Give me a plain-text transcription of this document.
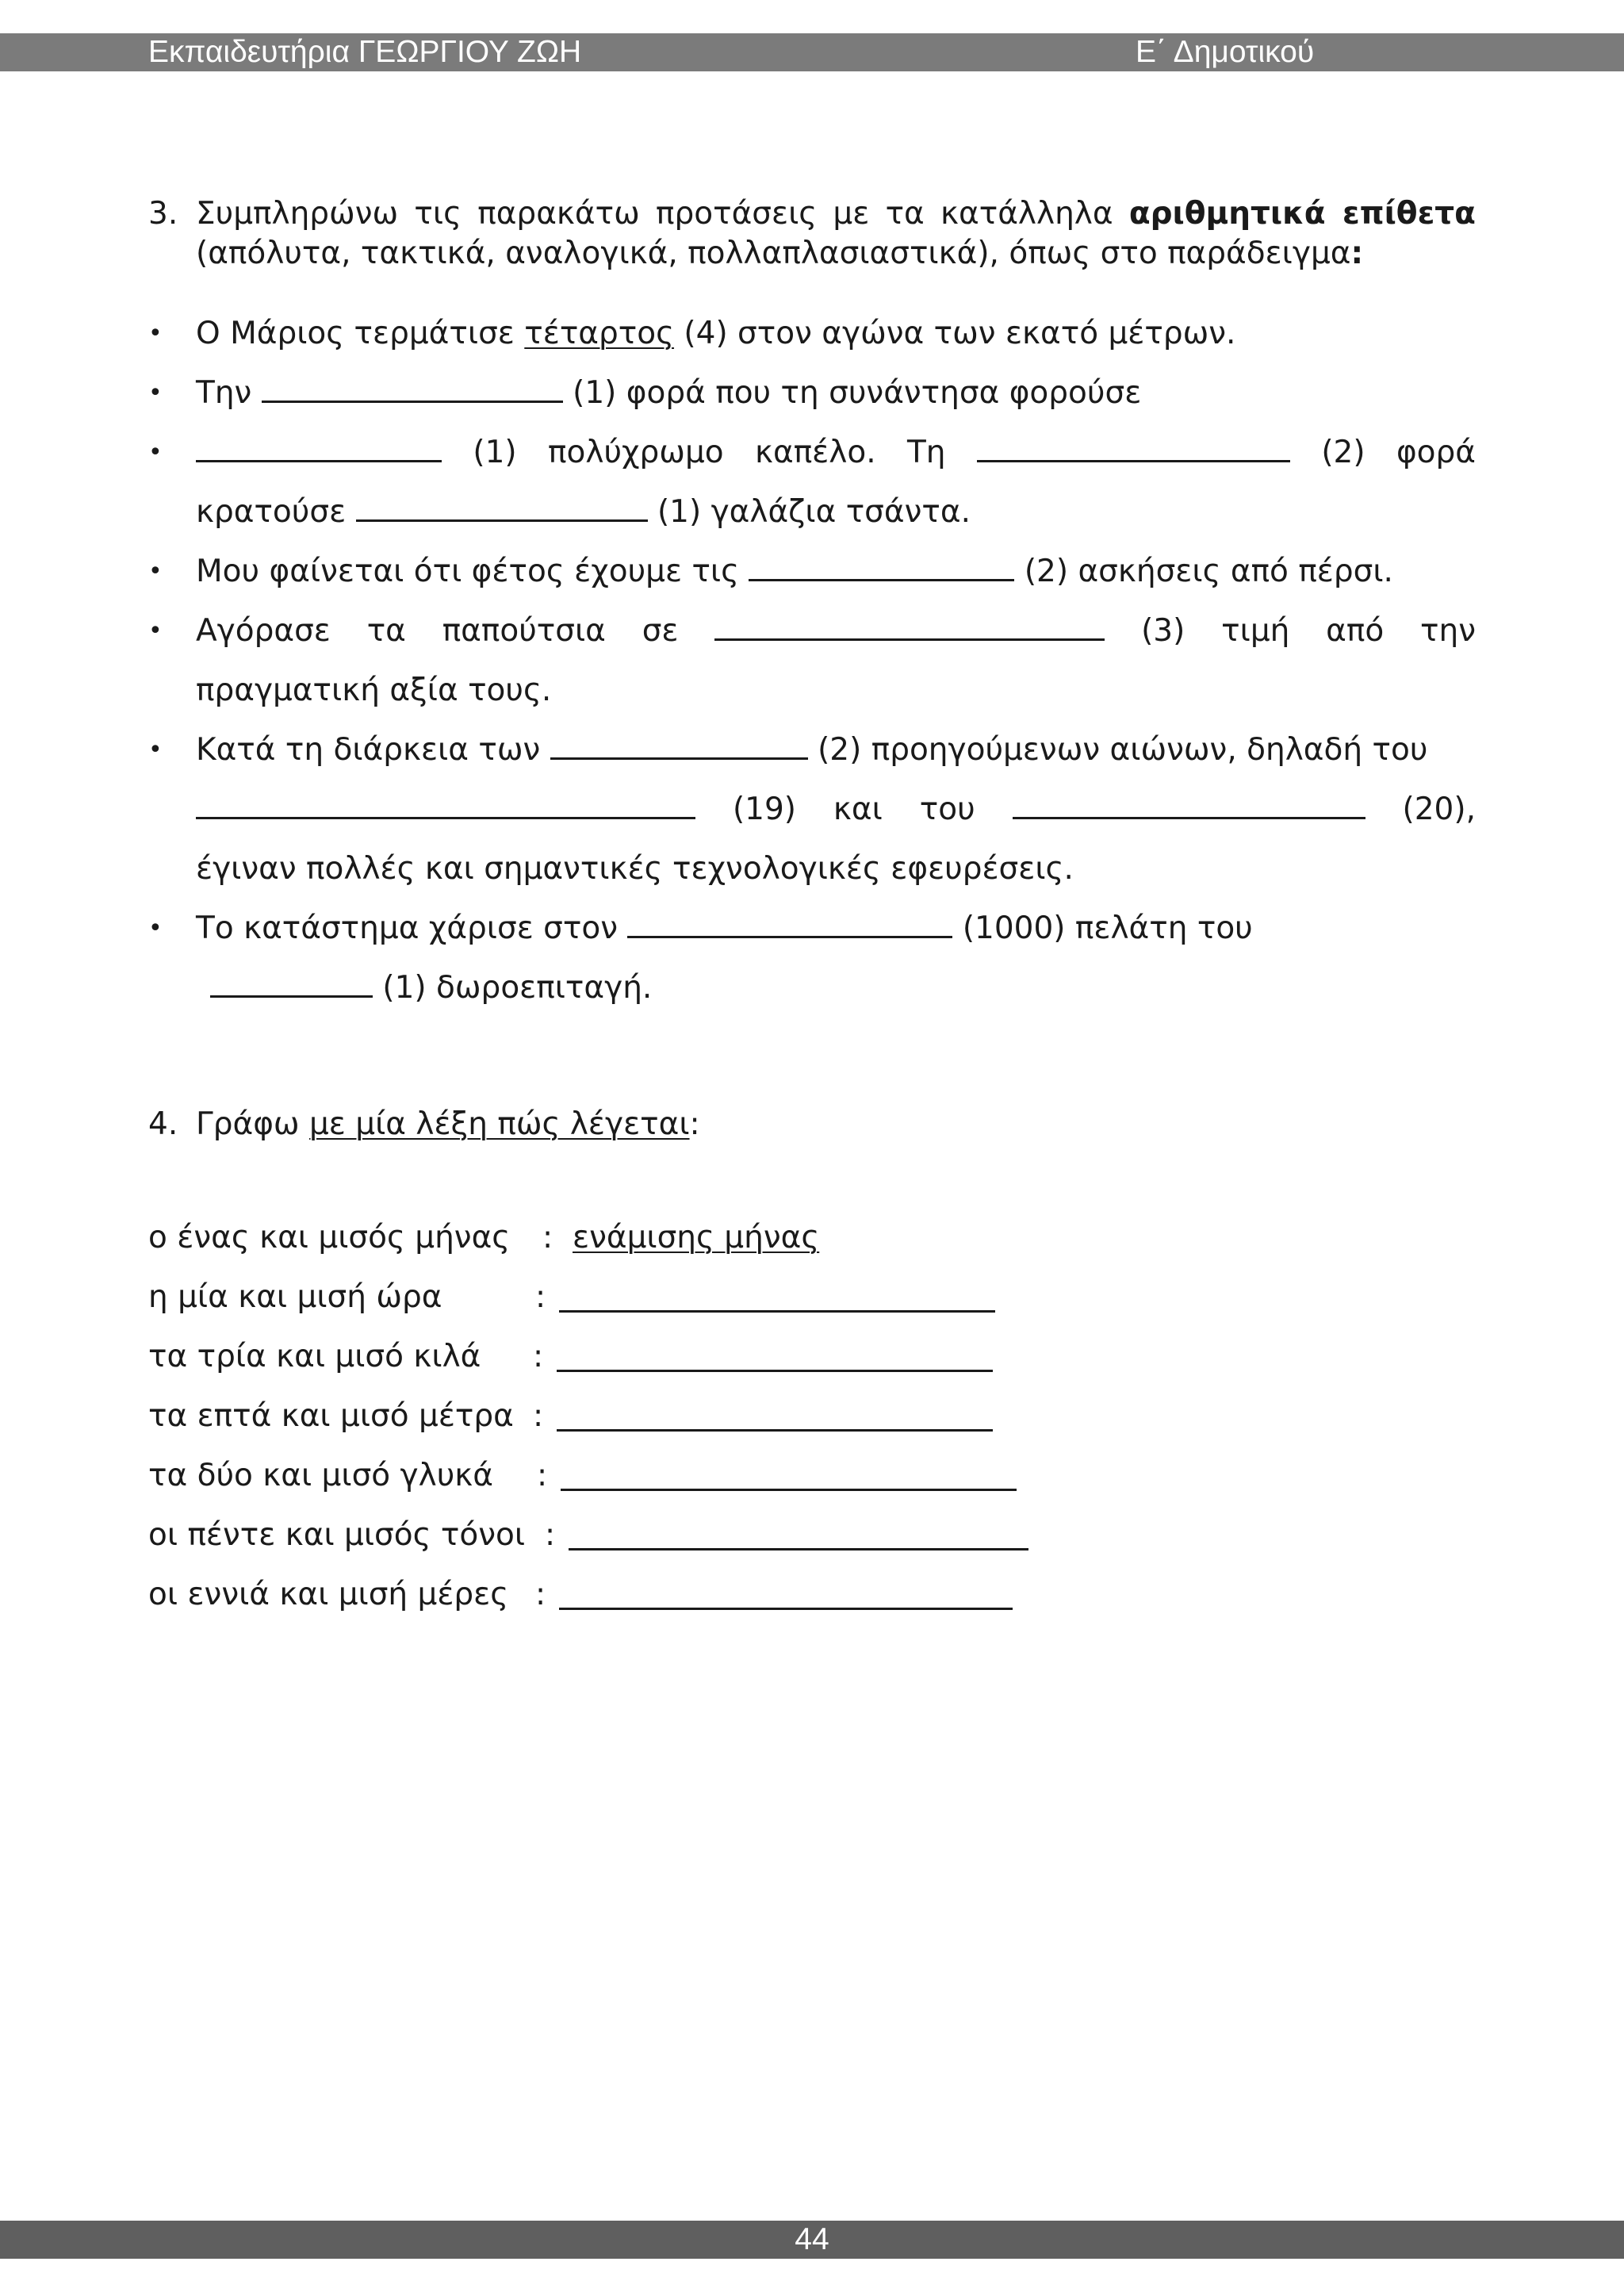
Εκπαιδευτήρια ΓΕΩΡΓΙΟΥ ΖΩΗ	Ε΄ Δημοτικού
3. Συμπληρώνω τις παρακάτω προτάσεις με τα κατάλληλα αριθμητικά επίθετα (απόλυτα, τακτικά, αναλογικά, πολλαπλασιαστικά), όπως στο παράδειγμα:
• Ο Μάριος τερμάτισε τέταρτος (4) στον αγώνα των εκατό μέτρων.
• Την	(1) φορά που τη συνάντησα φορούσε
•	(1) πολύχρωμο καπέλο. Τη	(2) φορά
κρατούσε	(1) γαλάζια τσάντα.
• Μου φαίνεται ότι φέτος έχουμε τις	(2) ασκήσεις από πέρσι.
• Αγόρασε τα παπούτσια σε	(3) τιμή από την
πραγματική αξία τους.
• Κατά τη διάρκεια των	(2) προηγούμενων αιώνων, δηλαδή του

(19) και του	(20),
έγιναν πολλές και σημαντικές τεχνολογικές εφευρέσεις.
• Το κατάστημα χάρισε στον	(1000) πελάτη του
(1) δωροεπιταγή.
4. Γράφω με μία λέξη πώς λέγεται:
ο ένας και μισός μήνας	: ενάμισης μήνας
η μία και μισή ώρα	:
τα τρία και μισό κιλά	:
τα επτά και μισό μέτρα :
τα δύο και μισό γλυκά	:
οι πέντε και μισός τόνοι :
οι εννιά και μισή μέρες :
44
